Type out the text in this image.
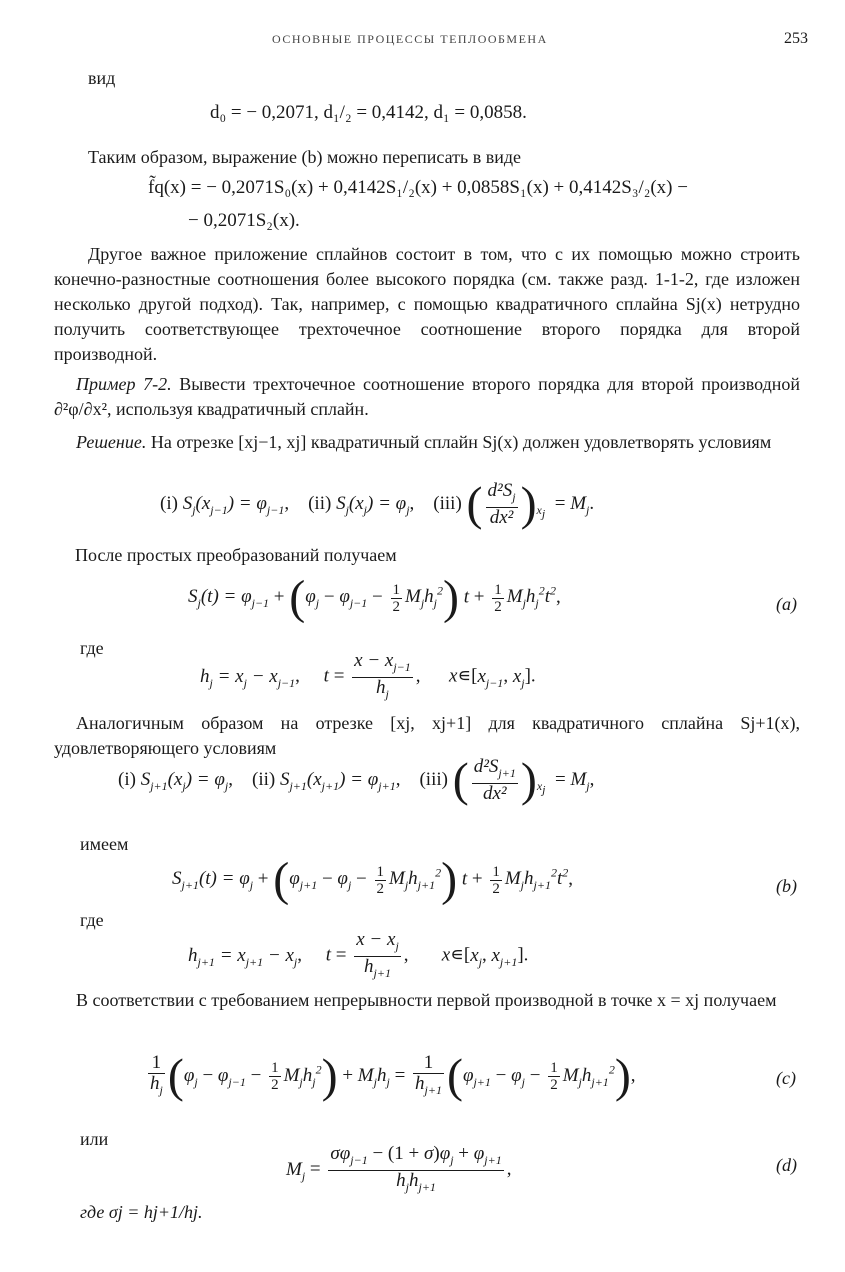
ОСНОВНЫЕ ПРОЦЕССЫ ТЕПЛООБМЕНА	253
вид
d₀ = − 0,2071, d₁/₂ = 0,4142, d₁ = 0,0858.
Таким образом, выражение (b) можно переписать в виде
f̃q(x) = − 0,2071S₀(x) + 0,4142S₁/₂(x) + 0,0858S₁(x) + 0,4142S₃/₂(x) −
− 0,2071S₂(x).
Другое важное приложение сплайнов состоит в том, что с их помощью можно строить конечно-разностные соотношения более высокого порядка (см. также разд. 1-1-2, где изложен несколько другой подход). Так, например, с помощью квадратичного сплайна Sj(x) нетрудно получить соответствующее трехточечное соотношение второго порядка для второй производной.
Пример 7-2. Вывести трехточечное соотношение второго порядка для второй производной ∂²φ/∂x², используя квадратичный сплайн.
Решение. На отрезке [xj−1, xj] квадратичный сплайн Sj(x) должен удовлетворять условиям
(i) $S_j(x_{j-1}) = \varphi_{j-1}$,    (ii) $S_j(x_j) = \varphi_j$,    (iii) ( $\frac{d^2S_j}{\text{dx²}} )_{x_j} = M_j$.
После простых преобразований получаем
$S_j(t) = \varphi_{j-1} + (\varphi_j - \varphi_{j-1} - \frac{1}{2} M_jh_j^2) t + \frac{1}{2} M_jh_j^2t^2$,	(a)
где
$h_j = x_j - x_{j-1}$,     $t = \frac{x - x_{j-1}}{h_j}$ ,      $x∊[x_{j-1}$, $x_j$].
Аналогичным образом на отрезке [xj, xj+1] для квадратичного сплайна Sj+1(x), удовлетворяющего условиям
(i) $S_{j+1}(x_j) = \varphi_j$,    (ii) $S_{j+1}(x_{j+1}) = \varphi_{j+1}$,    (iii) ( $\frac{d^2S_{j+1}}{\text{dx²}} )_{x_j} = M_j$,
имеем
$S_{j+1}(t) = \varphi_j + (\varphi_{j+1} - \varphi_j - \frac{1}{2} M_jh_{j+1}^2) t + \frac{1}{2} M_jh_{j+1}^2t^2$,	(b)
где
$h_{j+1} = x_{j+1} - x_j$,     $t = \frac{x - x_j}{h_{j+1}}$ ,       $x∊[x_j$, $x_{j+1}$].
В соответствии с требованием непрерывности первой производной в точке x = xj получаем
$\frac{1}{h_j} (\varphi_j - \varphi_{j-1} - \frac{1}{2} M_jh_j^2) + M_jh_j = \frac{1}{h_{j+1}} (\varphi_{j+1} - \varphi_j - \frac{1}{2} M_jh_{j+1}^2)$,	(c)
или
$M_j = \frac{\sigma\varphi_{j-1} - (1 + \sigma)\varphi_j + \varphi_{j+1}}{h_jh_{j+1}}$ ,	(d)
где σj = hj+1/hj.
